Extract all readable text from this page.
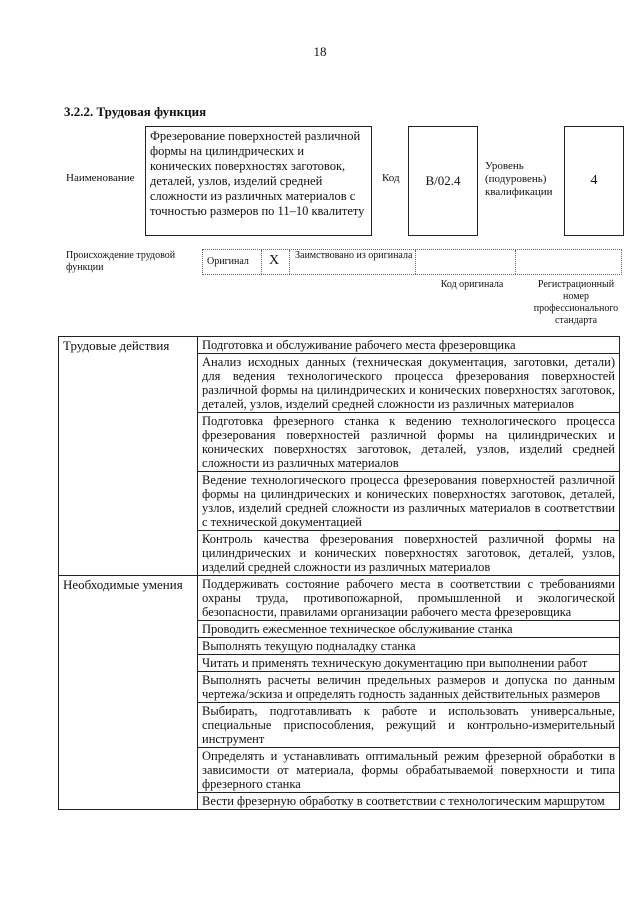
18
3.2.2. Трудовая функция
Наименование
Фрезерование поверхностей различной формы на цилиндрических и конических поверхностях заготовок, деталей, узлов, изделий средней сложности из различных материалов с точностью размеров по 11–10 квалитету
Код B/02.4
Уровень (подуровень) квалификации
4
Происхождение трудовой функции
Оригинал X Заимствовано из оригинала
Код оригинала	Регистрационный номер профессионального стандарта
Трудовые действия	Подготовка и обслуживание рабочего места фрезеровщика
	Анализ исходных данных (техническая документация, заготовки, детали) для ведения технологического процесса фрезерования поверхностей различной формы на цилиндрических и конических поверхностях заготовок, деталей, узлов, изделий средней сложности из различных материалов
	Подготовка фрезерного станка к ведению технологического процесса фрезерования поверхностей различной формы на цилиндрических и конических поверхностях заготовок, деталей, узлов, изделий средней сложности из различных материалов
	Ведение технологического процесса фрезерования поверхностей различной формы на цилиндрических и конических поверхностях заготовок, деталей, узлов, изделий средней сложности из различных материалов в соответствии с технической документацией
	Контроль качества фрезерования поверхностей различной формы на цилиндрических и конических поверхностях заготовок, деталей, узлов, изделий средней сложности из различных материалов
Необходимые умения	Поддерживать состояние рабочего места в соответствии с требованиями охраны труда, противопожарной, промышленной и экологической безопасности, правилами организации рабочего места фрезеровщика
	Проводить ежесменное техническое обслуживание станка
	Выполнять текущую подналадку станка
	Читать и применять техническую документацию при выполнении работ
	Выполнять расчеты величин предельных размеров и допуска по данным чертежа/эскиза и определять годность заданных действительных размеров
	Выбирать, подготавливать к работе и использовать универсальные, специальные приспособления, режущий и контрольно-измерительный инструмент
	Определять и устанавливать оптимальный режим фрезерной обработки в зависимости от материала, формы обрабатываемой поверхности и типа фрезерного станка
	Вести фрезерную обработку в соответствии с технологическим маршрутом
